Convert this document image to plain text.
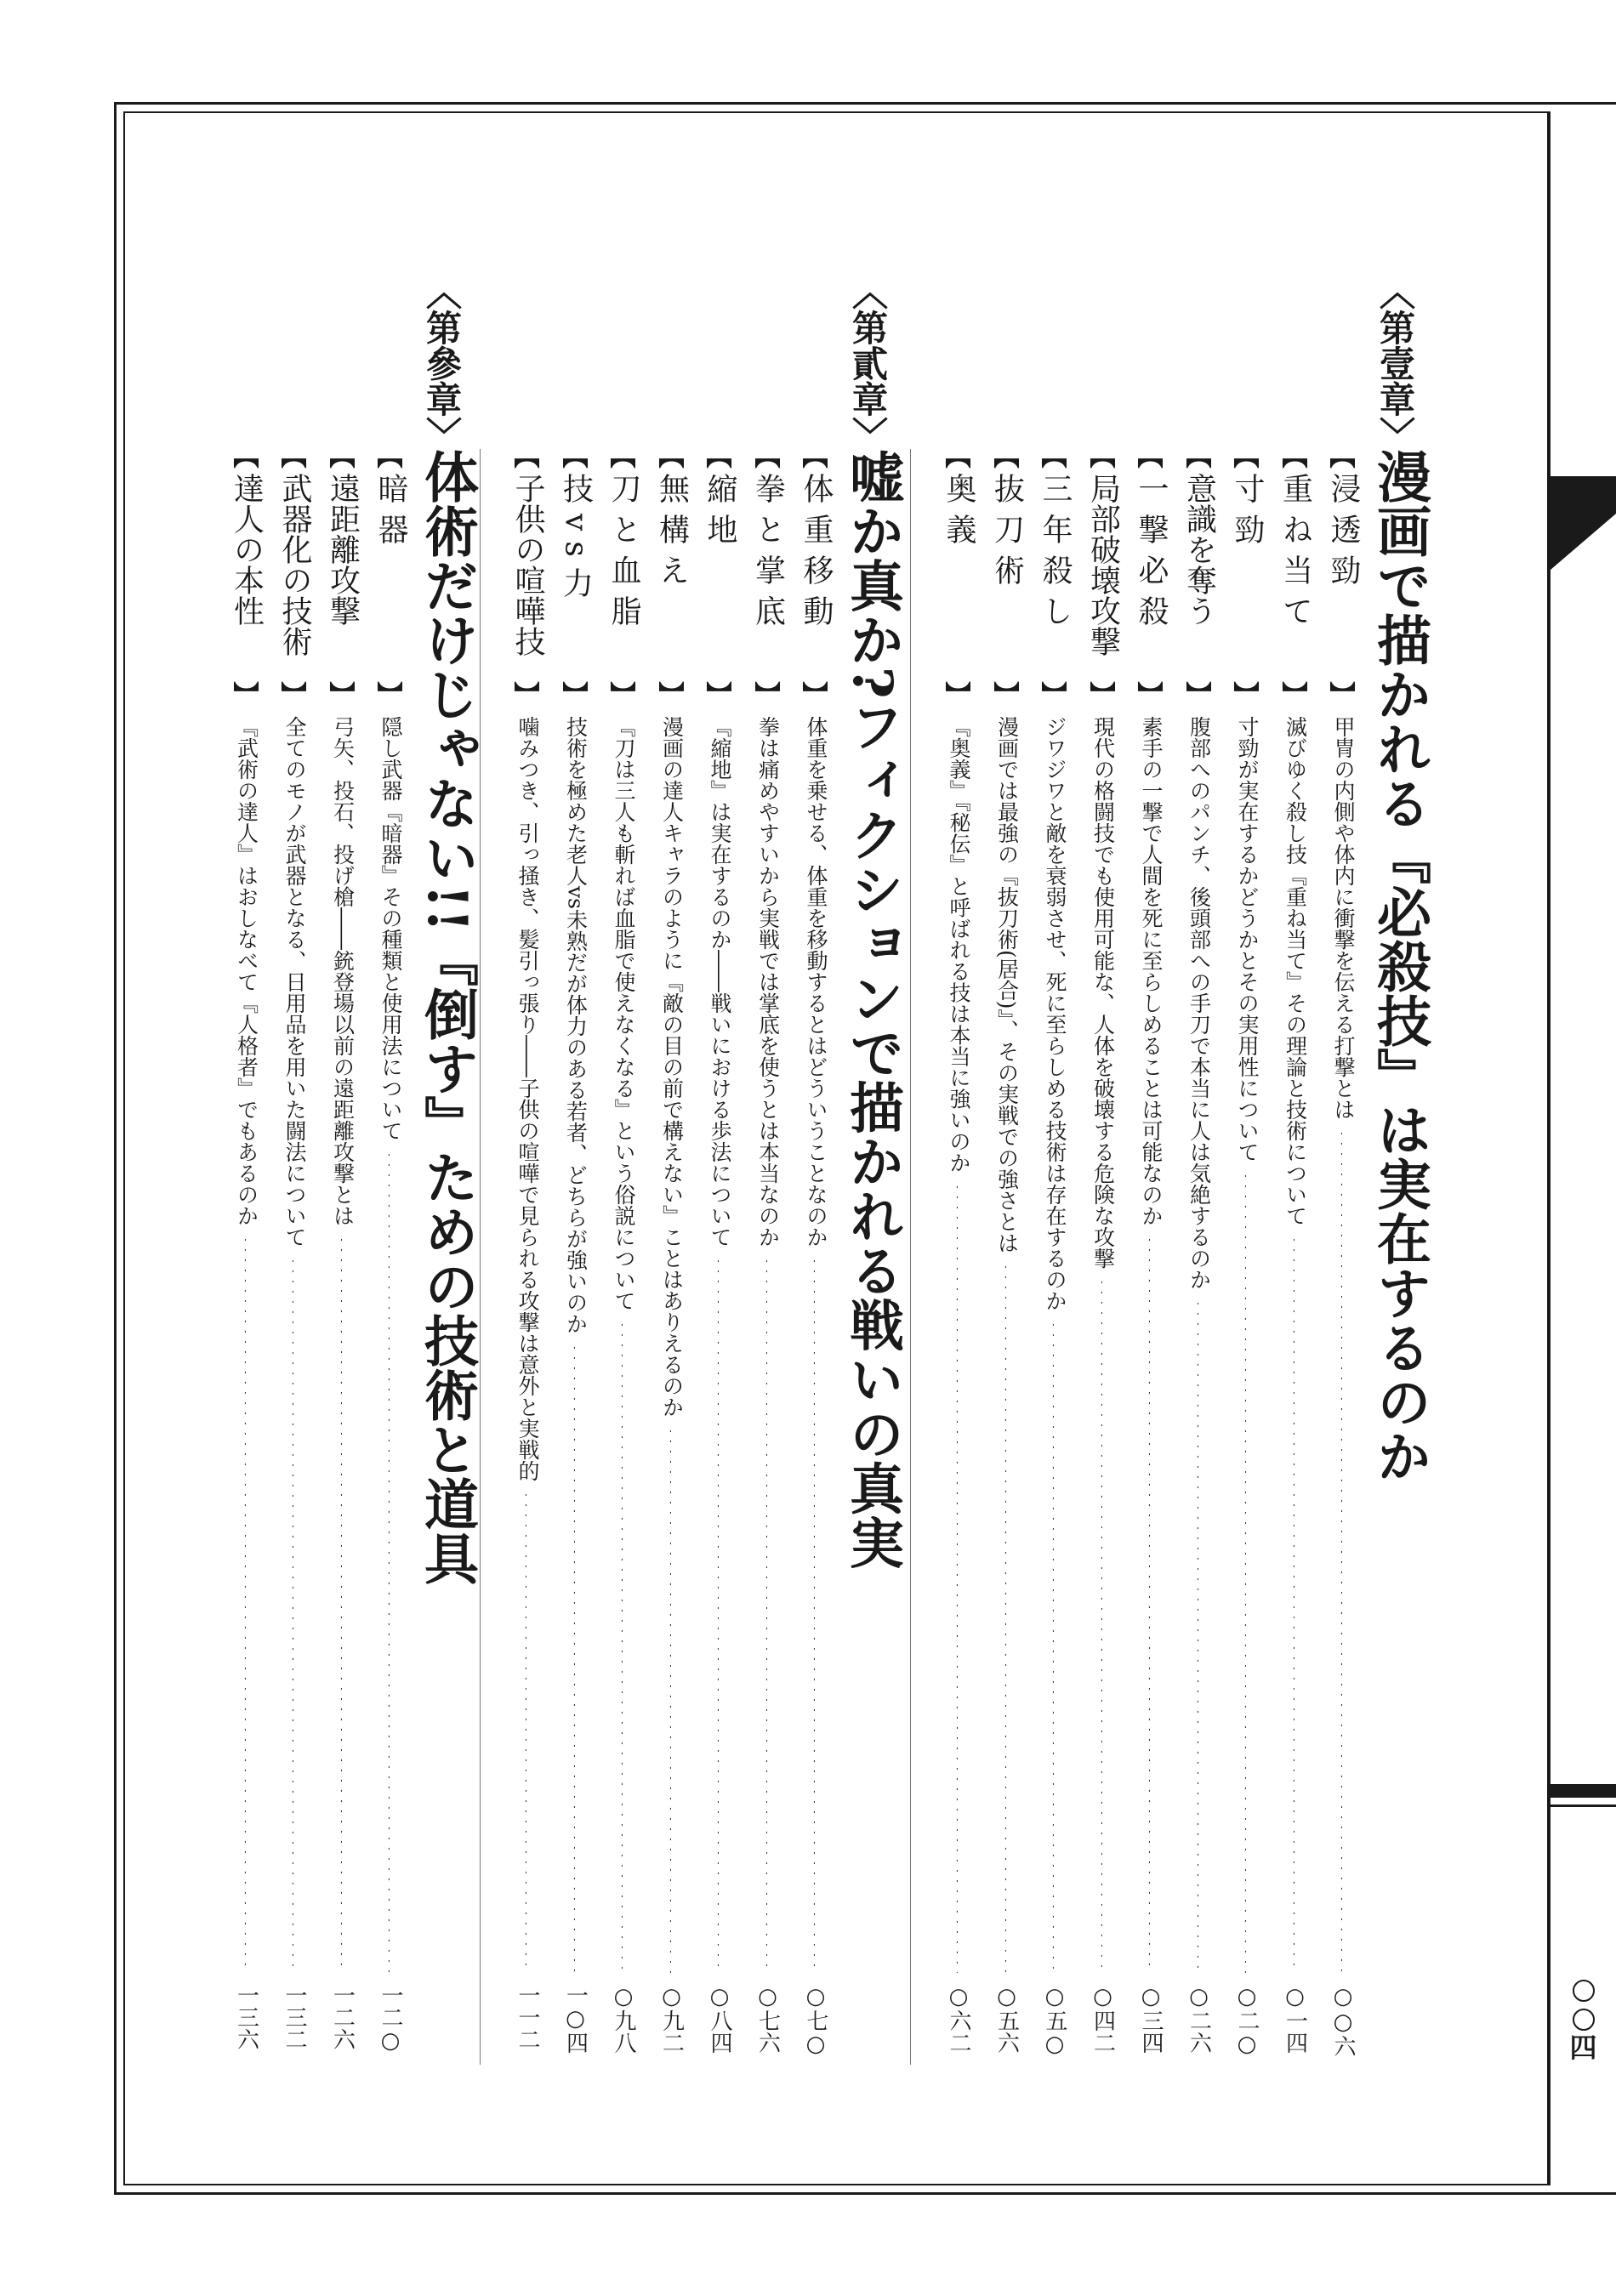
四
〈第壹章〉
漫画で描かれる『必殺技』は実在するのか
〈第貳章〉
嘘か真か?フィクションで描かれる戦いの真実
〈第參章〉
体術だけじゃない!!『倒す』ための技術と道具	【
】
浸透勁
甲冑の内側や体内に衝撃を伝える打撃とは
○○六
【
】
重ね当て
滅びゆく殺し技『重ね当て』その理論と技術について
○一四
【
】
寸勁
寸勁が実在するかどうかとその実用性について
○二○
【
】
意識を奪う
腹部へのパンチ、後頭部への手刀で本当に人は気絶するのか
○二六
【
】
一撃必殺
素手の一撃で人間を死に至らしめることは可能なのか
○三四
【
】
局部破壊攻撃
現代の格闘技でも使用可能な、人体を破壊する危険な攻撃
○四二
【
】
三年殺し
ジワジワと敵を衰弱させ、死に至らしめる技術は存在するのか
○五○
【
】
抜刀術
漫画では最強の『抜刀術(居合)』、その実戦での強さとは
○五六
【
】
奥義
『奥義』『秘伝』と呼ばれる技は本当に強いのか
○六二
【
】
体重移動
体重を乗せる、体重を移動するとはどういうことなのか
○七○
【
】
拳と掌底
拳は痛めやすいから実戦では掌底を使うとは本当なのか
○七六
【
】
縮地
『縮地』は実在するのか――戦いにおける歩法について
○八四
【
】
無構え
漫画の達人キャラのように『敵の目の前で構えない』ことはありえるのか
○九二
【
】
刀と血脂
『刀は三人も斬れば血脂で使えなくなる』という俗説について
○九八
【
】
技vs力
技術を極めた老人vs未熟だが体力のある若者、どちらが強いのか
一○四
【
】
子供の喧嘩技
噛みつき、引っ掻き、髪引っ張り――子供の喧嘩で見られる攻撃は意外と実戦的
一一二
【
】
暗器
隠し武器『暗器』その種類と使用法について
一二○
【
】
遠距離攻撃
弓矢、投石、投げ槍――銃登場以前の遠距離攻撃とは
一二六
【
】
武器化の技術
全てのモノが武器となる、日用品を用いた闘法について
一三二
【
】
達人の本性
『武術の達人』はおしなべて『人格者』でもあるのか
一三六
